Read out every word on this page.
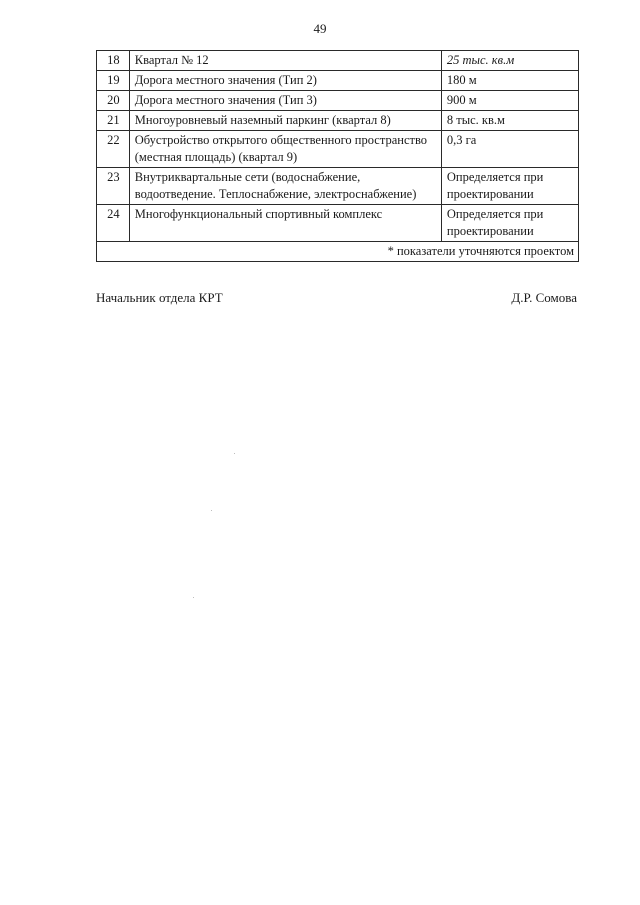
49
18	Квартал № 12	25 тыс. кв.м
19	Дорога местного значения (Тип 2)	180 м
20	Дорога местного значения (Тип 3)	900 м
21	Многоуровневый наземный паркинг (квартал 8)	8 тыс. кв.м
22	Обустройство открытого общественного пространство (местная площадь) (квартал 9)	0,3 га
23	Внутриквартальные сети (водоснабжение, водоотведение. Теплоснабжение, электроснабжение)	Определяется при проектировании
24	Многофункциональный спортивный комплекс	Определяется при проектировании
* показатели уточняются проектом		
Начальник отдела КРТ	Д.Р. Сомова
